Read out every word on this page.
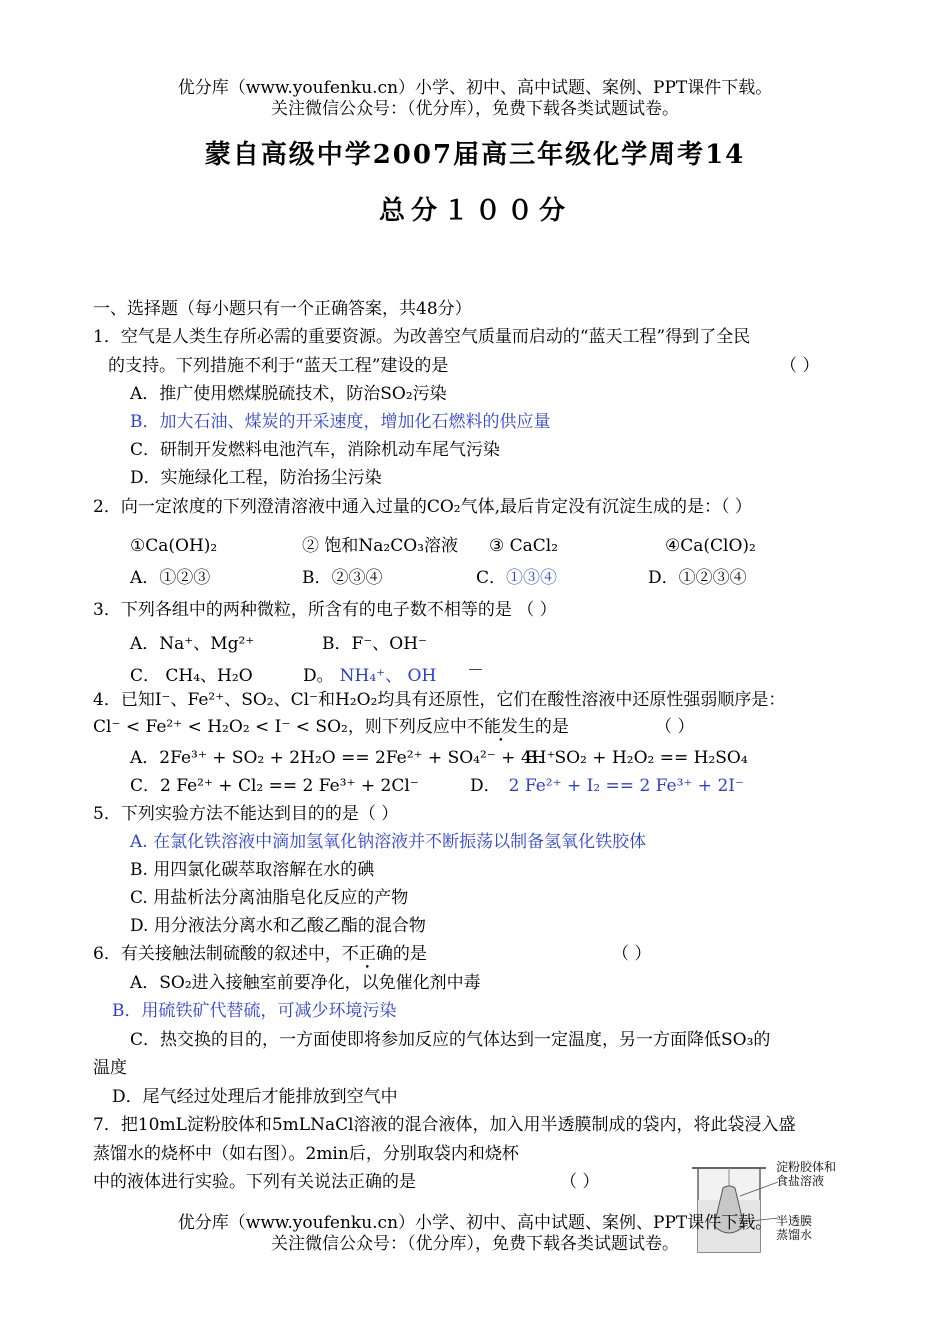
优分库（www.youfenku.cn）小学、初中、高中试题、案例、PPT课件下载。
关注微信公众号：（优分库），免费下载各类试题试卷。
蒙自高级中学2007届高三年级化学周考14
总分１００分
一、选择题（每小题只有一个正确答案，共48分）
1．空气是人类生存所必需的重要资源。为改善空气质量而启动的“蓝天工程”得到了全民
的支持。下列措施不利于“蓝天工程”建设的是	（ ）
A．推广使用燃煤脱硫技术，防治SO₂污染
B．加大石油、煤炭的开采速度，增加化石燃料的供应量
C．研制开发燃料电池汽车，消除机动车尾气污染
D．实施绿化工程，防治扬尘污染
2．向一定浓度的下列澄清溶液中通入过量的CO₂气体,最后肯定没有沉淀生成的是：（ ）
①Ca(OH)₂	② 饱和Na₂CO₃溶液 ③ CaCl₂	④Ca(ClO)₂
A．①②③	B．②③④	C．①③④	D．①②③④
3．下列各组中的两种微粒，所含有的电子数不相等的是 （ ）
A．Na⁺、Mg²⁺	B．F⁻、OH⁻
C． CH₄、H₂O	D。 NH₄⁺、 OH －
4．已知I⁻、Fe²⁺、SO₂、Cl⁻和H₂O₂均具有还原性，它们在酸性溶液中还原性强弱顺序是：
Cl⁻ < Fe²⁺ < H₂O₂ < I⁻ < SO₂，则下列反应中不能发生的是	（ ）
A．2Fe³⁺ + SO₂ + 2H₂O == 2Fe²⁺ + SO₄²⁻ + 4H⁺
B．SO₂ + H₂O₂ == H₂SO₄
C．2 Fe²⁺ + Cl₂ == 2 Fe³⁺ + 2Cl⁻	D． 2 Fe²⁺ + I₂ == 2 Fe³⁺ + 2I⁻
5．下列实验方法不能达到目的的是（ ）
A. 在氯化铁溶液中滴加氢氧化钠溶液并不断振荡以制备氢氧化铁胶体
B. 用四氯化碳萃取溶解在水的碘
C. 用盐析法分离油脂皂化反应的产物
D. 用分液法分离水和乙酸乙酯的混合物
6．有关接触法制硫酸的叙述中，不正确的是	（ ）
A．SO₂进入接触室前要净化，以免催化剂中毒
B．用硫铁矿代替硫，可减少环境污染
C．热交换的目的，一方面使即将参加反应的气体达到一定温度，另一方面降低SO₃的
温度
D．尾气经过处理后才能排放到空气中
7．把10mL淀粉胶体和5mLNaCl溶液的混合液体，加入用半透膜制成的袋内，将此袋浸入盛
蒸馏水的烧杯中（如右图）。2min后，分别取袋内和烧杯
中的液体进行实验。下列有关说法正确的是	（ ）
淀粉胶体和
食盐溶液
半透膜
蒸馏水
优分库（www.youfenku.cn）小学、初中、高中试题、案例、PPT课件下载。
关注微信公众号：（优分库），免费下载各类试题试卷。
